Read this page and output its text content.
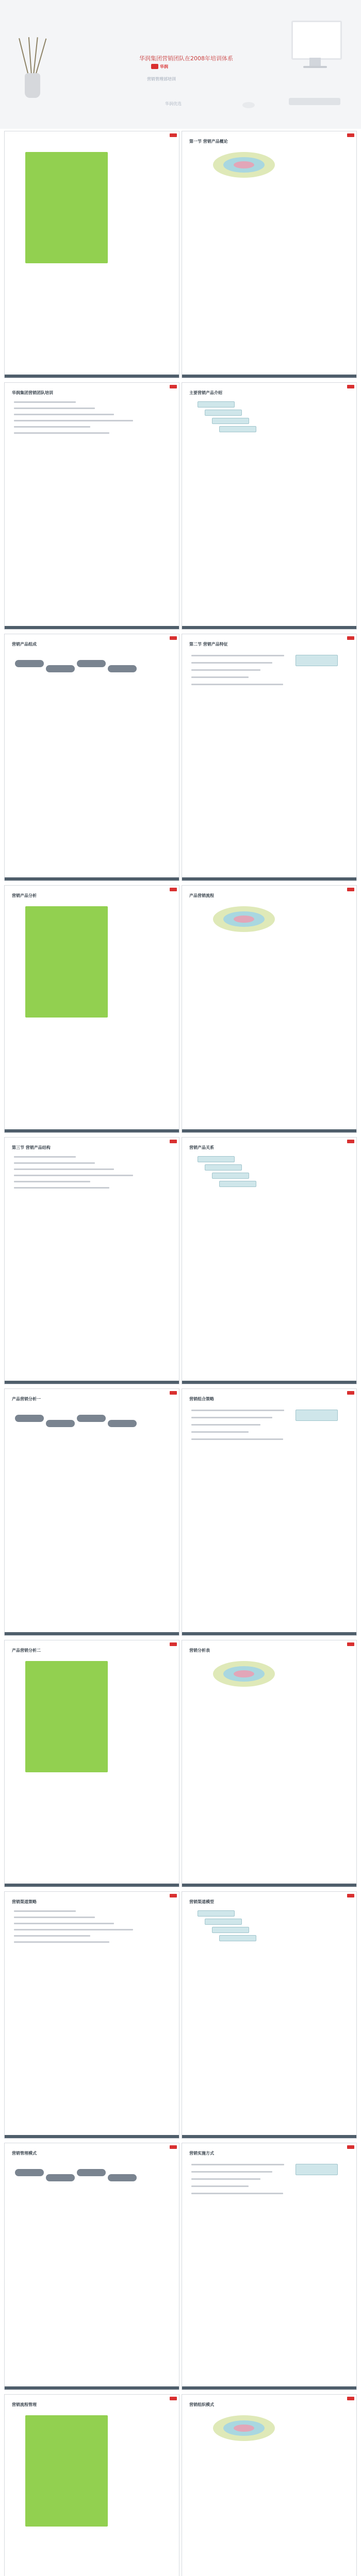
华润集团营销团队在2008年培训体系
华润
营销管理部培训
华润优选
第一节 营销产品概论
华润集团营销团队培训	主要营销产品介绍
营销产品组成	第二节 营销产品特征
营销产品分析	产品营销流程
第三节 营销产品结构	营销产品关系
产品营销分析一	营销组合策略
产品营销分析二	营销分析表
营销渠道策略	营销渠道模型
营销管理模式	营销实施方式
营销流程管理	营销组织模式
